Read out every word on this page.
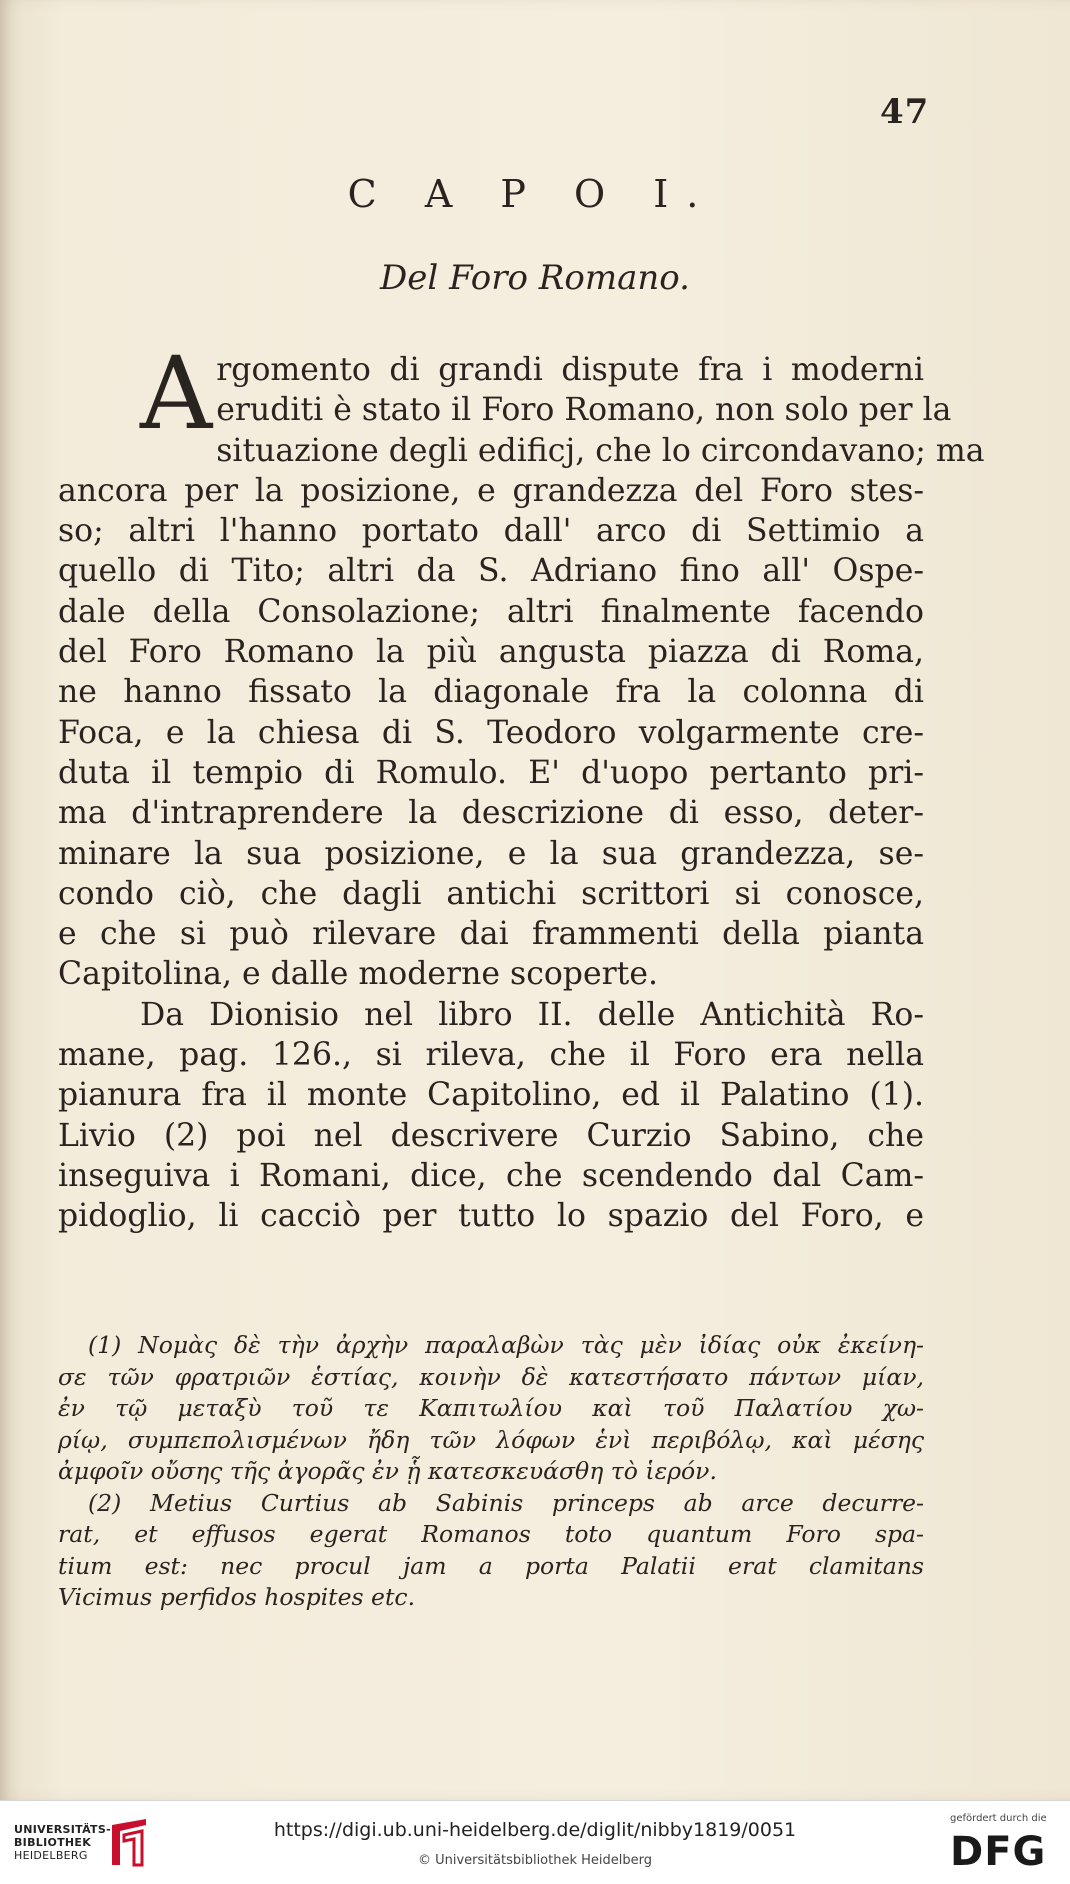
47
C A P O I.
Del Foro Romano.
A rgomento di grandi dispute fra i moderni
eruditi è stato il Foro Romano, non solo per la
situazione degli edificj, che lo circondavano; ma
ancora per la posizione, e grandezza del Foro stes-
so; altri l'hanno portato dall' arco di Settimio a
quello di Tito; altri da S. Adriano fino all' Ospe-
dale della Consolazione; altri finalmente facendo
del Foro Romano la più angusta piazza di Roma,
ne hanno fissato la diagonale fra la colonna di
Foca, e la chiesa di S. Teodoro volgarmente cre-
duta il tempio di Romulo. E' d'uopo pertanto pri-
ma d'intraprendere la descrizione di esso, deter-
minare la sua posizione, e la sua grandezza, se-
condo ciò, che dagli antichi scrittori si conosce,
e che si può rilevare dai frammenti della pianta
Capitolina, e dalle moderne scoperte.
Da Dionisio nel libro II. delle Antichità Ro-
mane, pag. 126., si rileva, che il Foro era nella
pianura fra il monte Capitolino, ed il Palatino (1).
Livio (2) poi nel descrivere Curzio Sabino, che
inseguiva i Romani, dice, che scendendo dal Cam-
pidoglio, li cacciò per tutto lo spazio del Foro, e
(1) Νομὰς δὲ τὴν ἀρχὴν παραλαβὼν τὰς μὲν ἰδίας οὐκ ἐκείνη-
σε τῶν φρατριῶν ἑστίας, κοινὴν δὲ κατεστήσατο πάντων μίαν,
ἐν τῷ μεταξὺ τοῦ τε Καπιτωλίου καὶ τοῦ Παλατίου χω-
ρίῳ, συμπεπολισμένων ἤδη τῶν λόφων ἑνὶ περιβόλῳ, καὶ μέσης
ἀμφοῖν οὔσης τῆς ἀγορᾶς ἐν ᾗ κατεσκευάσθη τὸ ἱερόν.
(2) Metius Curtius ab Sabinis princeps ab arce decurre-
rat, et effusos egerat Romanos toto quantum Foro spa-
tium est: nec procul jam a porta Palatii erat clamitans
Vicimus perfidos hospites etc.
UNIVERSITÄTS-
BIBLIOTHEK
HEIDELBERG
https://digi.ub.uni-heidelberg.de/diglit/nibby1819/0051
© Universitätsbibliothek Heidelberg
gefördert durch die
DFG
